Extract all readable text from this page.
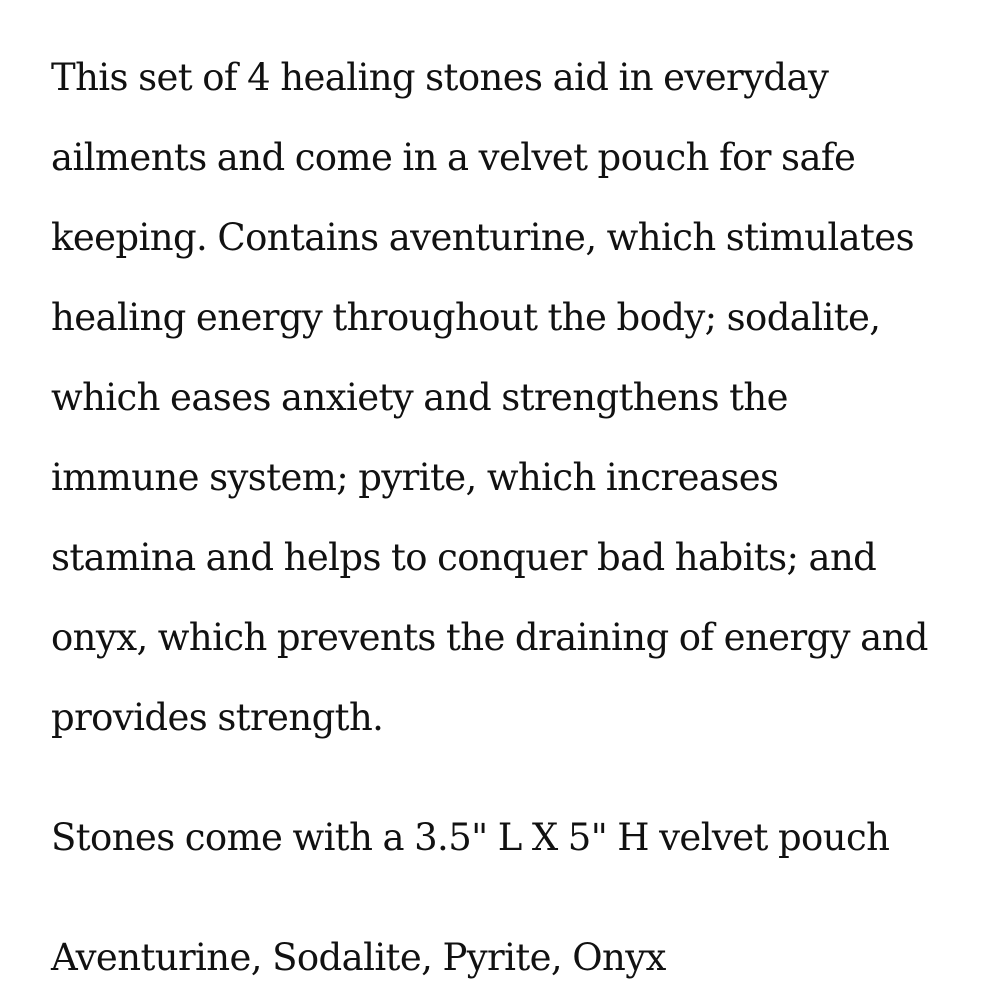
This set of 4 healing stones aid in everyday
ailments and come in a velvet pouch for safe
keeping. Contains aventurine, which stimulates
healing energy throughout the body; sodalite,
which eases anxiety and strengthens the
immune system; pyrite, which increases
stamina and helps to conquer bad habits; and
onyx, which prevents the draining of energy and
provides strength.

Stones come with a 3.5" L X 5" H velvet pouch

Aventurine, Sodalite, Pyrite, Onyx
